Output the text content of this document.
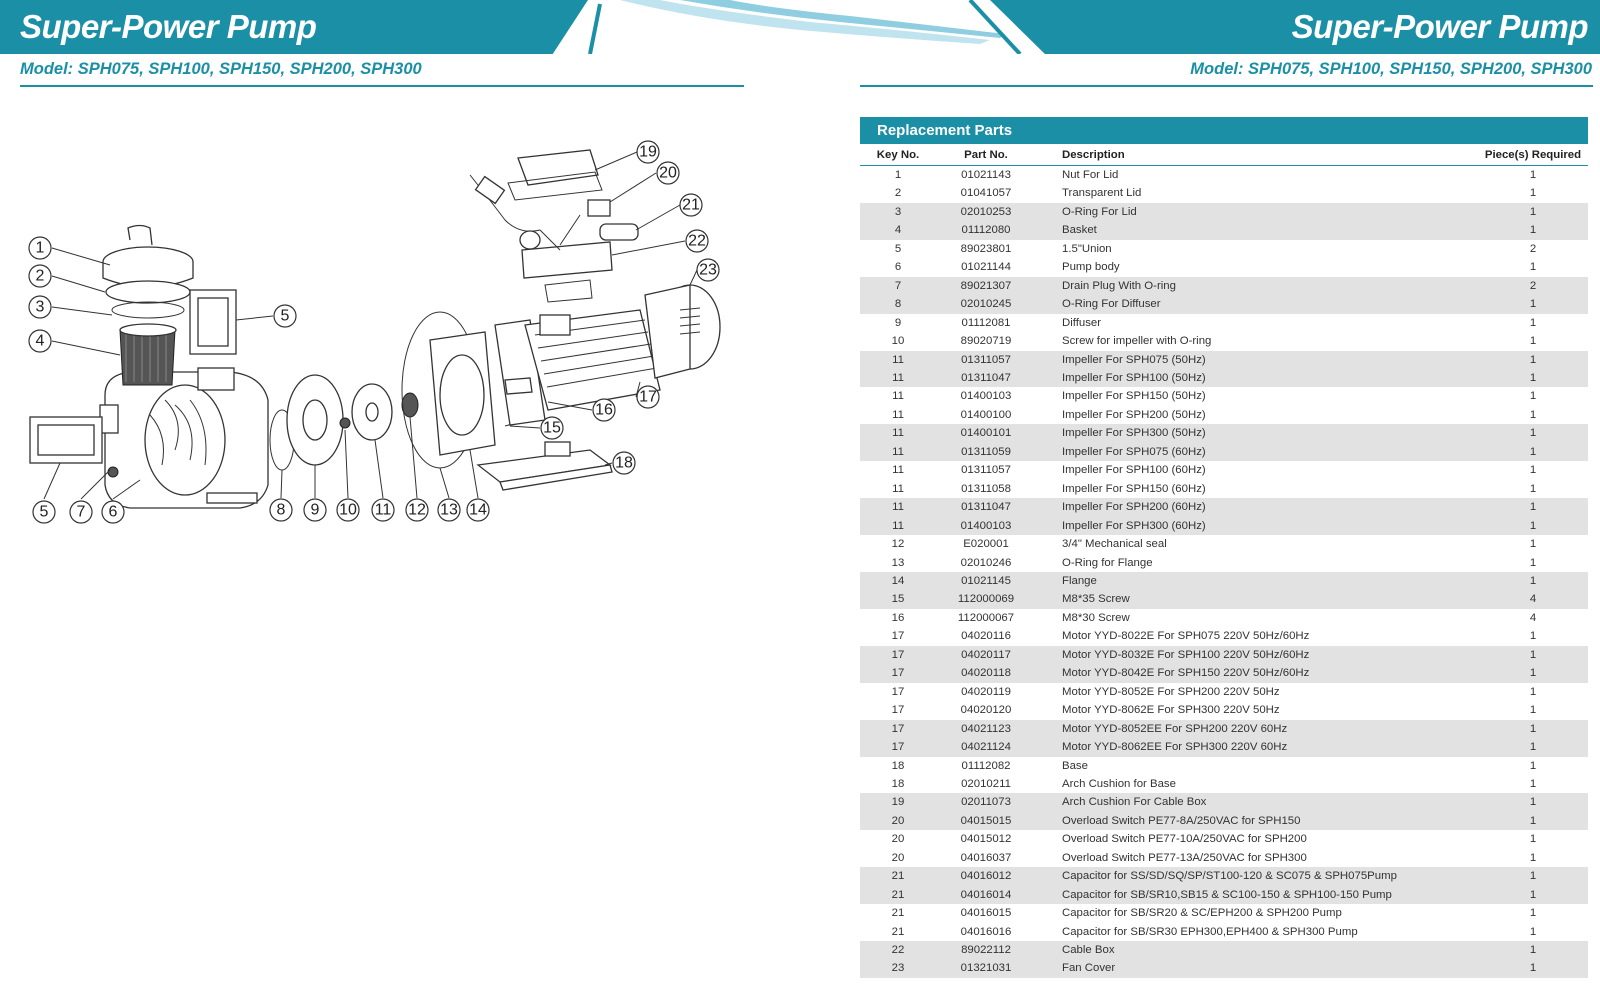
Super-Power Pump	Super-Power Pump
Model: SPH075, SPH100, SPH150, SPH200, SPH300	Model: SPH075, SPH100, SPH150, SPH200, SPH300
1
2
3
4
5
5 7 6	8 9 10 11 12 13 14
15
16
17
18
19
20
21
22
23
Replacement Parts
Key No.	Part No.	Description	Piece(s) Required
1	01021143	Nut For Lid	1
2	01041057	Transparent Lid	1
3	02010253	O-Ring For Lid	1
4	01112080	Basket	1
5	89023801	1.5"Union	2
6	01021144	Pump body	1
7	89021307	Drain Plug With O-ring	2
8	02010245	O-Ring For Diffuser	1
9	01112081	Diffuser	1
10	89020719	Screw for impeller with O-ring	1
11	01311057	Impeller For SPH075 (50Hz)	1
11	01311047	Impeller For SPH100 (50Hz)	1
11	01400103	Impeller For SPH150 (50Hz)	1
11	01400100	Impeller For SPH200 (50Hz)	1
11	01400101	Impeller For SPH300 (50Hz)	1
11	01311059	Impeller For SPH075 (60Hz)	1
11	01311057	Impeller For SPH100 (60Hz)	1
11	01311058	Impeller For SPH150 (60Hz)	1
11	01311047	Impeller For SPH200 (60Hz)	1
11	01400103	Impeller For SPH300 (60Hz)	1
12	E020001	3/4" Mechanical seal	1
13	02010246	O-Ring for Flange	1
14	01021145	Flange	1
15	112000069	M8*35 Screw	4
16	112000067	M8*30 Screw	4
17	04020116	Motor YYD-8022E For SPH075 220V 50Hz/60Hz	1
17	04020117	Motor YYD-8032E For SPH100 220V 50Hz/60Hz	1
17	04020118	Motor YYD-8042E For SPH150 220V 50Hz/60Hz	1
17	04020119	Motor YYD-8052E For SPH200 220V 50Hz	1
17	04020120	Motor YYD-8062E For SPH300 220V 50Hz	1
17	04021123	Motor YYD-8052EE For SPH200 220V 60Hz	1
17	04021124	Motor YYD-8062EE For SPH300 220V 60Hz	1
18	01112082	Base	1
18	02010211	Arch Cushion for Base	1
19	02011073	Arch Cushion For Cable Box	1
20	04015015	Overload Switch PE77-8A/250VAC for SPH150	1
20	04015012	Overload Switch PE77-10A/250VAC for SPH200	1
20	04016037	Overload Switch PE77-13A/250VAC for SPH300	1
21	04016012	Capacitor for SS/SD/SQ/SP/ST100-120 & SC075 & SPH075Pump	1
21	04016014	Capacitor for SB/SR10,SB15 & SC100-150 & SPH100-150 Pump	1
21	04016015	Capacitor for SB/SR20 & SC/EPH200 & SPH200 Pump	1
21	04016016	Capacitor for SB/SR30 EPH300,EPH400 & SPH300 Pump	1
22	89022112	Cable Box	1
23	01321031	Fan Cover	1
